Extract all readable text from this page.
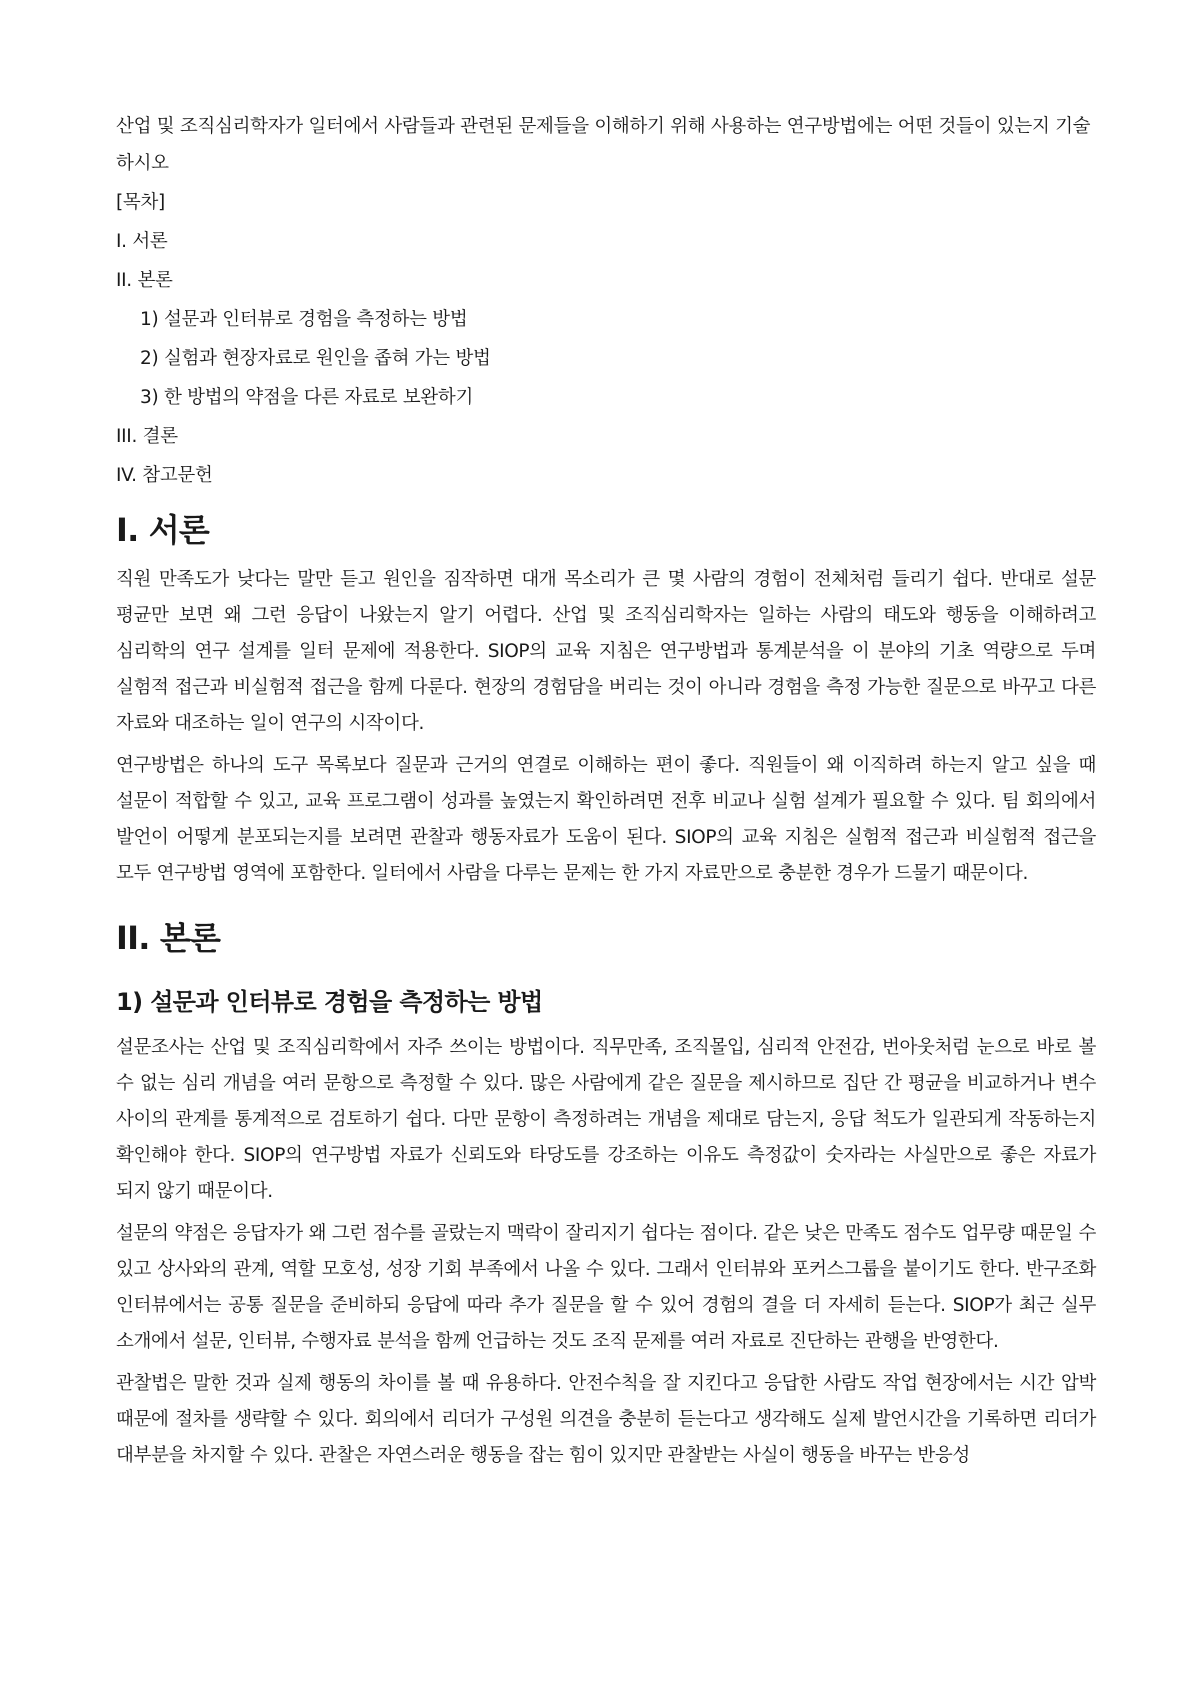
산업 및 조직심리학자가 일터에서 사람들과 관련된 문제들을 이해하기 위해 사용하는 연구방법에는 어떤 것들이 있는지 기술하시오

[목차]
I. 서론
II. 본론
1) 설문과 인터뷰로 경험을 측정하는 방법
2) 실험과 현장자료로 원인을 좁혀 가는 방법
3) 한 방법의 약점을 다른 자료로 보완하기
III. 결론
IV. 참고문헌
I. 서론

직원 만족도가 낮다는 말만 듣고 원인을 짐작하면 대개 목소리가 큰 몇 사람의 경험이 전체처럼 들리기 쉽다. 반대로 설문 평균만 보면 왜 그런 응답이 나왔는지 알기 어렵다. 산업 및 조직심리학자는 일하는 사람의 태도와 행동을 이해하려고 심리학의 연구 설계를 일터 문제에 적용한다. SIOP의 교육 지침은 연구방법과 통계분석을 이 분야의 기초 역량으로 두며 실험적 접근과 비실험적 접근을 함께 다룬다. 현장의 경험담을 버리는 것이 아니라 경험을 측정 가능한 질문으로 바꾸고 다른 자료와 대조하는 일이 연구의 시작이다.

연구방법은 하나의 도구 목록보다 질문과 근거의 연결로 이해하는 편이 좋다. 직원들이 왜 이직하려 하는지 알고 싶을 때 설문이 적합할 수 있고, 교육 프로그램이 성과를 높였는지 확인하려면 전후 비교나 실험 설계가 필요할 수 있다. 팀 회의에서 발언이 어떻게 분포되는지를 보려면 관찰과 행동자료가 도움이 된다. SIOP의 교육 지침은 실험적 접근과 비실험적 접근을 모두 연구방법 영역에 포함한다. 일터에서 사람을 다루는 문제는 한 가지 자료만으로 충분한 경우가 드물기 때문이다.

II. 본론
1) 설문과 인터뷰로 경험을 측정하는 방법

설문조사는 산업 및 조직심리학에서 자주 쓰이는 방법이다. 직무만족, 조직몰입, 심리적 안전감, 번아웃처럼 눈으로 바로 볼 수 없는 심리 개념을 여러 문항으로 측정할 수 있다. 많은 사람에게 같은 질문을 제시하므로 집단 간 평균을 비교하거나 변수 사이의 관계를 통계적으로 검토하기 쉽다. 다만 문항이 측정하려는 개념을 제대로 담는지, 응답 척도가 일관되게 작동하는지 확인해야 한다. SIOP의 연구방법 자료가 신뢰도와 타당도를 강조하는 이유도 측정값이 숫자라는 사실만으로 좋은 자료가 되지 않기 때문이다.

설문의 약점은 응답자가 왜 그런 점수를 골랐는지 맥락이 잘리지기 쉽다는 점이다. 같은 낮은 만족도 점수도 업무량 때문일 수 있고 상사와의 관계, 역할 모호성, 성장 기회 부족에서 나올 수 있다. 그래서 인터뷰와 포커스그룹을 붙이기도 한다. 반구조화 인터뷰에서는 공통 질문을 준비하되 응답에 따라 추가 질문을 할 수 있어 경험의 결을 더 자세히 듣는다. SIOP가 최근 실무 소개에서 설문, 인터뷰, 수행자료 분석을 함께 언급하는 것도 조직 문제를 여러 자료로 진단하는 관행을 반영한다.

관찰법은 말한 것과 실제 행동의 차이를 볼 때 유용하다. 안전수칙을 잘 지킨다고 응답한 사람도 작업 현장에서는 시간 압박 때문에 절차를 생략할 수 있다. 회의에서 리더가 구성원 의견을 충분히 듣는다고 생각해도 실제 발언시간을 기록하면 리더가 대부분을 차지할 수 있다. 관찰은 자연스러운 행동을 잡는 힘이 있지만 관찰받는 사실이 행동을 바꾸는 반응성
